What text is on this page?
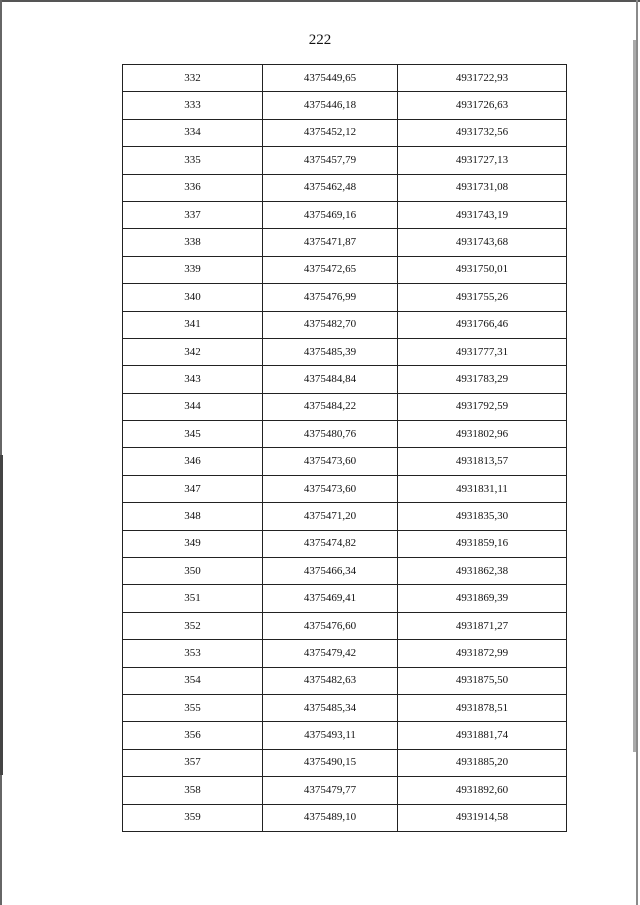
222
332	4375449,65	4931722,93
333	4375446,18	4931726,63
334	4375452,12	4931732,56
335	4375457,79	4931727,13
336	4375462,48	4931731,08
337	4375469,16	4931743,19
338	4375471,87	4931743,68
339	4375472,65	4931750,01
340	4375476,99	4931755,26
341	4375482,70	4931766,46
342	4375485,39	4931777,31
343	4375484,84	4931783,29
344	4375484,22	4931792,59
345	4375480,76	4931802,96
346	4375473,60	4931813,57
347	4375473,60	4931831,11
348	4375471,20	4931835,30
349	4375474,82	4931859,16
350	4375466,34	4931862,38
351	4375469,41	4931869,39
352	4375476,60	4931871,27
353	4375479,42	4931872,99
354	4375482,63	4931875,50
355	4375485,34	4931878,51
356	4375493,11	4931881,74
357	4375490,15	4931885,20
358	4375479,77	4931892,60
359	4375489,10	4931914,58
